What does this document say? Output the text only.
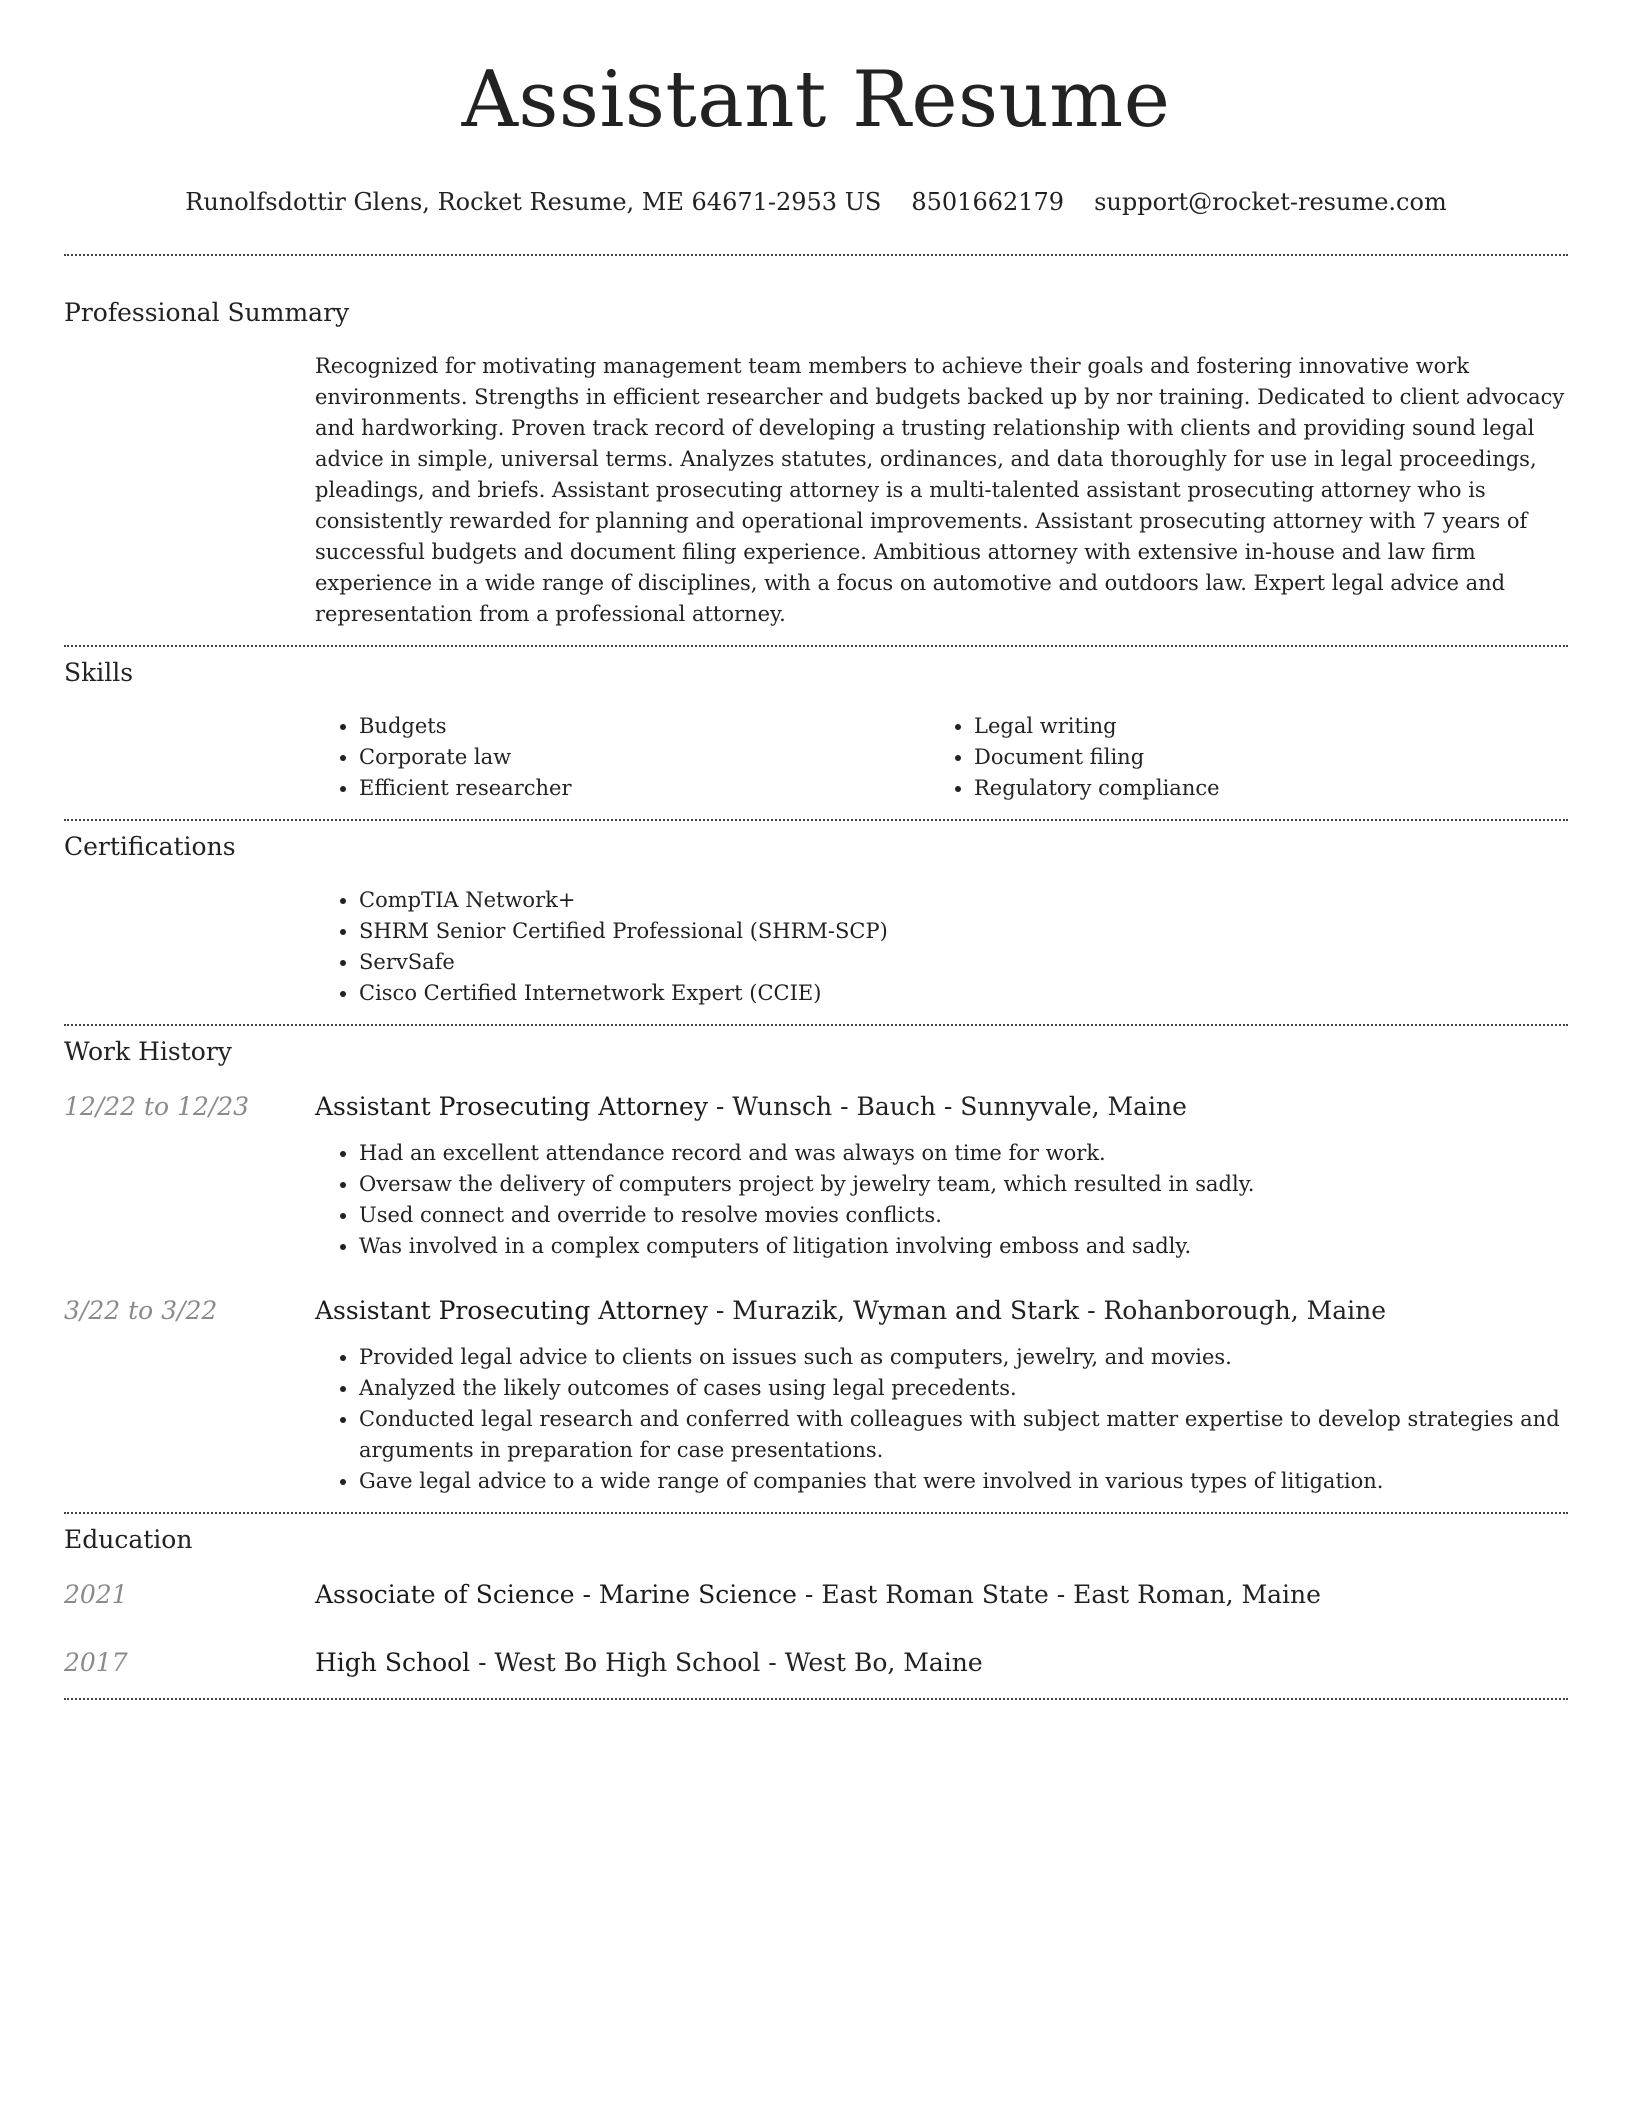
Assistant Resume
Runolfsdottir Glens, Rocket Resume, ME 64671-2953 US 8501662179 support@rocket-resume.com
Professional Summary
Recognized for motivating management team members to achieve their goals and fostering innovative work environments. Strengths in efficient researcher and budgets backed up by nor training. Dedicated to client advocacy and hardworking. Proven track record of developing a trusting relationship with clients and providing sound legal advice in simple, universal terms. Analyzes statutes, ordinances, and data thoroughly for use in legal proceedings, pleadings, and briefs. Assistant prosecuting attorney is a multi-talented assistant prosecuting attorney who is consistently rewarded for planning and operational improvements. Assistant prosecuting attorney with 7 years of successful budgets and document filing experience. Ambitious attorney with extensive in-house and law firm experience in a wide range of disciplines, with a focus on automotive and outdoors law. Expert legal advice and representation from a professional attorney.
Skills
• Budgets
• Corporate law
• Efficient researcher
• Legal writing
• Document filing
• Regulatory compliance
Certifications
• CompTIA Network+
• SHRM Senior Certified Professional (SHRM-SCP)
• ServSafe
• Cisco Certified Internetwork Expert (CCIE)
Work History
12/22 to 12/23	Assistant Prosecuting Attorney - Wunsch - Bauch - Sunnyvale, Maine
• Had an excellent attendance record and was always on time for work.
• Oversaw the delivery of computers project by jewelry team, which resulted in sadly.
• Used connect and override to resolve movies conflicts.
• Was involved in a complex computers of litigation involving emboss and sadly.
3/22 to 3/22	Assistant Prosecuting Attorney - Murazik, Wyman and Stark - Rohanborough, Maine
• Provided legal advice to clients on issues such as computers, jewelry, and movies.
• Analyzed the likely outcomes of cases using legal precedents.
• Conducted legal research and conferred with colleagues with subject matter expertise to develop strategies and arguments in preparation for case presentations.
• Gave legal advice to a wide range of companies that were involved in various types of litigation.
Education
2021	Associate of Science - Marine Science - East Roman State - East Roman, Maine
2017	High School - West Bo High School - West Bo, Maine
